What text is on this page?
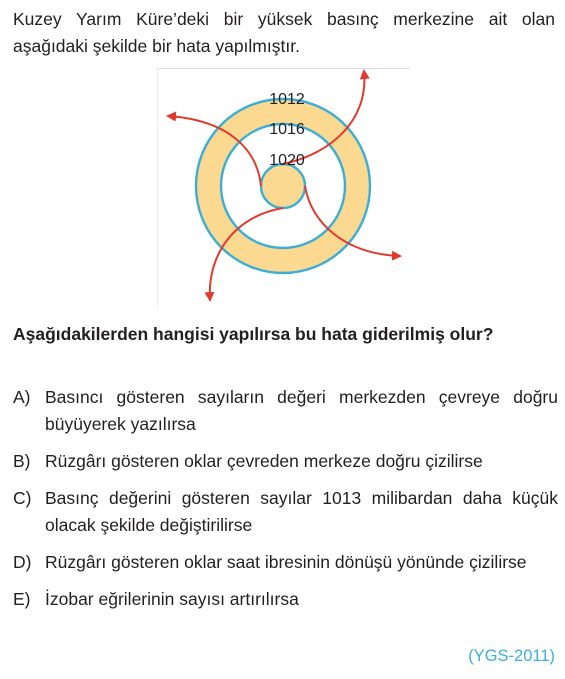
Kuzey Yarım Küre’deki bir yüksek basınç merkezine ait olan aşağıdaki şekilde bir hata yapılmıştır.
1012
1016
1020
Aşağıdakilerden hangisi yapılırsa bu hata giderilmiş olur?
A) Basıncı gösteren sayıların değeri merkezden çevreye doğru büyüyerek yazılırsa
B) Rüzgârı gösteren oklar çevreden merkeze doğru çizilirse
C) Basınç değerini gösteren sayılar 1013 milibardan daha küçük olacak şekilde değiştirilirse
D) Rüzgârı gösteren oklar saat ibresinin dönüşü yönünde çizilirse
E) İzobar eğrilerinin sayısı artırılırsa
(YGS-2011)
